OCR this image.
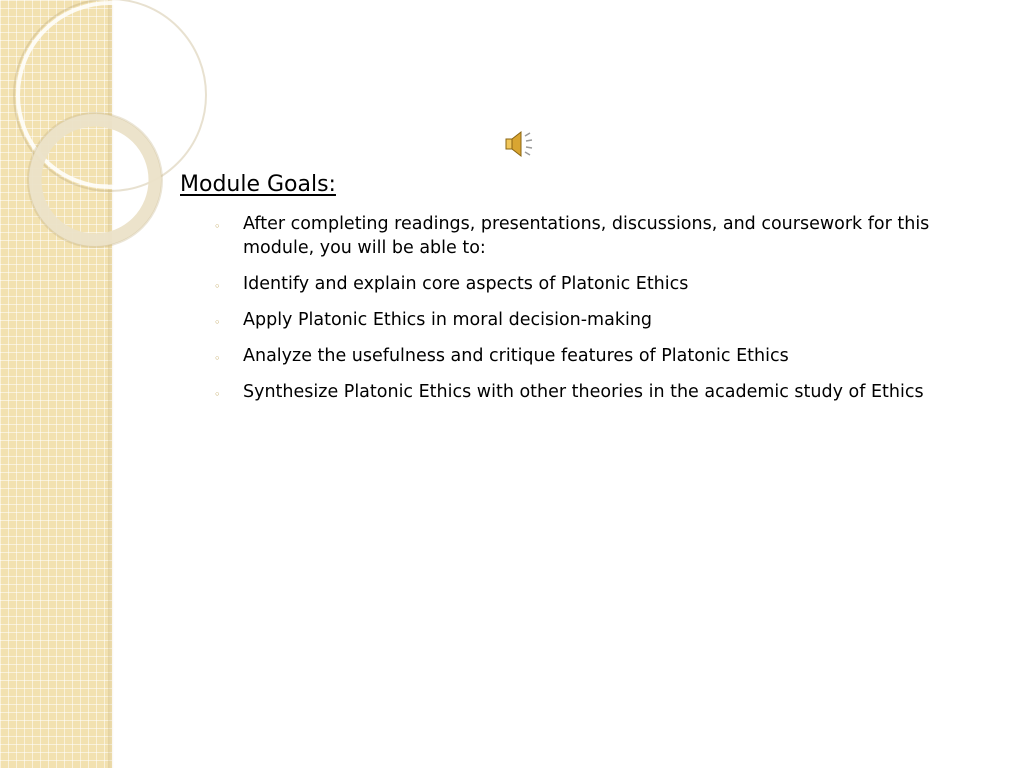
Module Goals:
◦ After completing readings, presentations, discussions, and coursework for this module, you will be able to:
◦ Identify and explain core aspects of Platonic Ethics
◦ Apply Platonic Ethics in moral decision-making
◦ Analyze the usefulness and critique features of Platonic Ethics
◦ Synthesize Platonic Ethics with other theories in the academic study of Ethics
